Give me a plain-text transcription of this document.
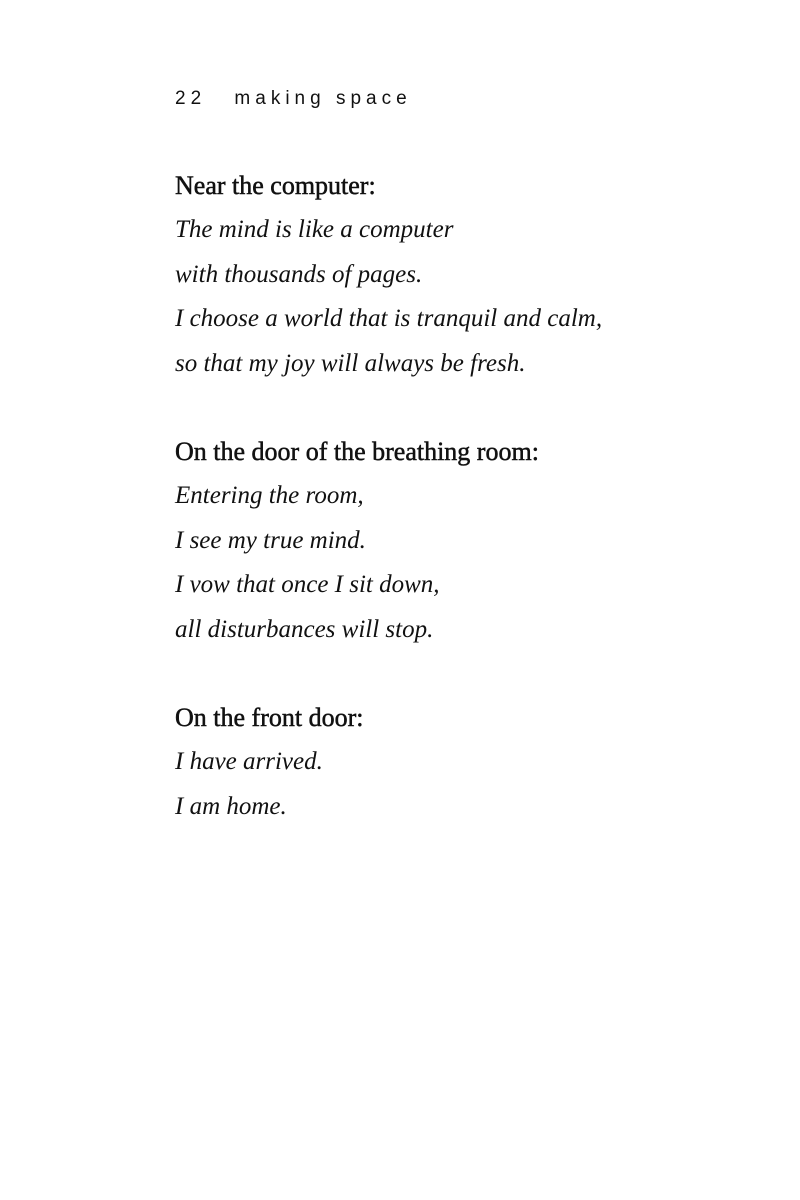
22 making space

Near the computer:

The mind is like a computer

with thousands of pages.

I choose a world that is tranquil and calm,

so that my joy will always be fresh.

On the door of the breathing room:

Entering the room,

I see my true mind.

I vow that once I sit down,

all disturbances will stop.

On the front door:

I have arrived.

I am home.
